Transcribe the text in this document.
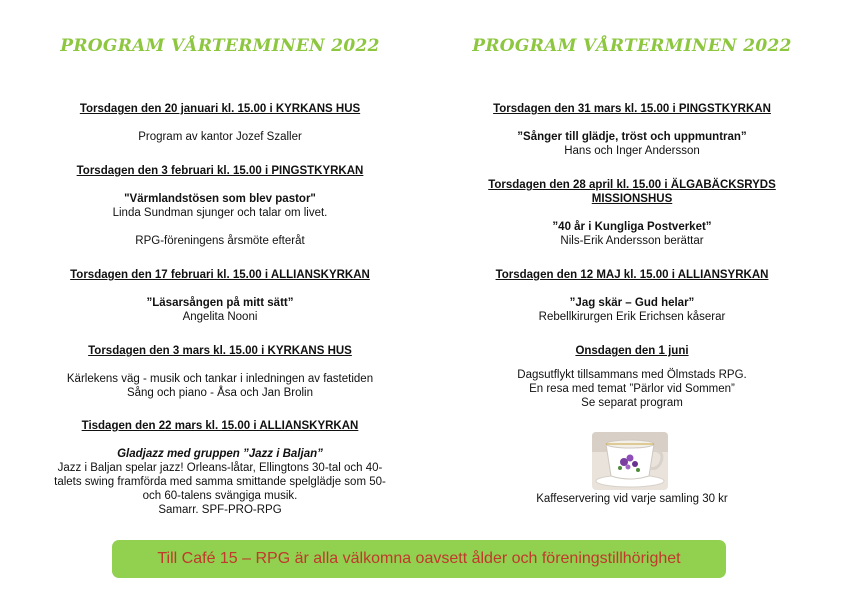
PROGRAM VÅRTERMINEN 2022
Torsdagen den 20 januari kl. 15.00 i KYRKANS HUS
Program av kantor Jozef Szaller
Torsdagen den 3 februari kl. 15.00 i PINGSTKYRKAN
"Värmlandstösen som blev pastor"
Linda Sundman sjunger och talar om livet.
RPG-föreningens årsmöte efteråt
Torsdagen den 17 februari kl. 15.00 i ALLIANSKYRKAN
”Läsarsången på mitt sätt”
Angelita Nooni
Torsdagen den 3 mars kl. 15.00 i KYRKANS HUS
Kärlekens väg - musik och tankar i inledningen av fastetiden
Sång och piano - Åsa och Jan Brolin
Tisdagen den 22 mars kl. 15.00 i ALLIANSKYRKAN
Gladjazz med gruppen ”Jazz i Baljan”
Jazz i Baljan spelar jazz! Orleans-låtar, Ellingtons 30-tal och 40-
talets swing framförda med samma smittande spelglädje som 50-
och 60-talens svängiga musik.
Samarr. SPF-PRO-RPG
PROGRAM VÅRTERMINEN 2022
Torsdagen den 31 mars kl. 15.00 i PINGSTKYRKAN
”Sånger till glädje, tröst och uppmuntran”
Hans och Inger Andersson
Torsdagen den 28 april kl. 15.00 i ÄLGABÄCKSRYDS
MISSIONSHUS
”40 år i Kungliga Postverket”
Nils-Erik Andersson berättar
Torsdagen den 12 MAJ kl. 15.00 i ALLIANSYRKAN
”Jag skär – Gud helar”
Rebellkirurgen Erik Erichsen kåserar
Onsdagen den 1 juni
Dagsutflykt tillsammans med Ölmstads RPG.
En resa med temat ”Pärlor vid Sommen”
Se separat program
Kaffeservering vid varje samling 30 kr
Till Café 15 – RPG är alla välkomna oavsett ålder och föreningstillhörighet
